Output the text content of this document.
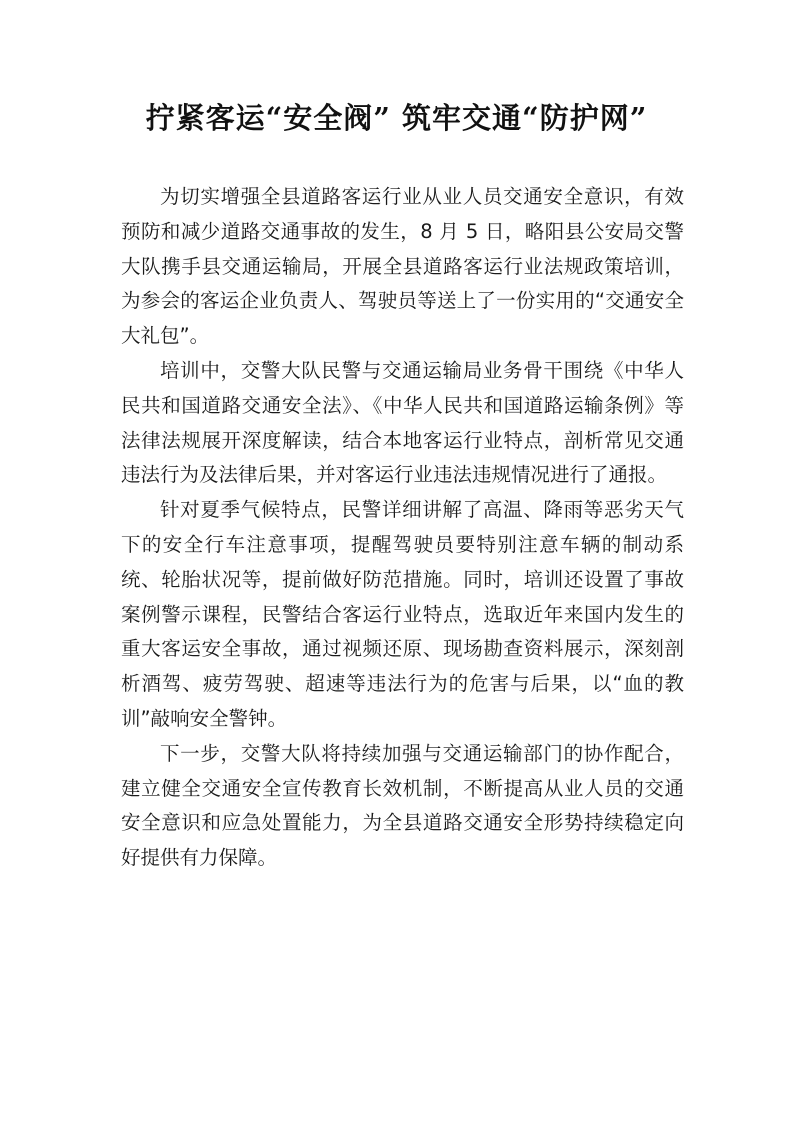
拧紧客运“安全阀” 筑牢交通“防护网”

为切实增强全县道路客运行业从业人员交通安全意识，有效预防和减少道路交通事故的发生，8 月 5 日，略阳县公安局交警大队携手县交通运输局，开展全县道路客运行业法规政策培训，为参会的客运企业负责人、驾驶员等送上了一份实用的“交通安全大礼包”。

培训中，交警大队民警与交通运输局业务骨干围绕《中华人民共和国道路交通安全法》、《中华人民共和国道路运输条例》等法律法规展开深度解读，结合本地客运行业特点，剖析常见交通违法行为及法律后果，并对客运行业违法违规情况进行了通报。

针对夏季气候特点，民警详细讲解了高温、降雨等恶劣天气下的安全行车注意事项，提醒驾驶员要特别注意车辆的制动系统、轮胎状况等，提前做好防范措施。同时，培训还设置了事故案例警示课程，民警结合客运行业特点，选取近年来国内发生的重大客运安全事故，通过视频还原、现场勘查资料展示，深刻剖析酒驾、疲劳驾驶、超速等违法行为的危害与后果，以“血的教训”敲响安全警钟。

下一步，交警大队将持续加强与交通运输部门的协作配合，建立健全交通安全宣传教育长效机制，不断提高从业人员的交通安全意识和应急处置能力，为全县道路交通安全形势持续稳定向好提供有力保障。
